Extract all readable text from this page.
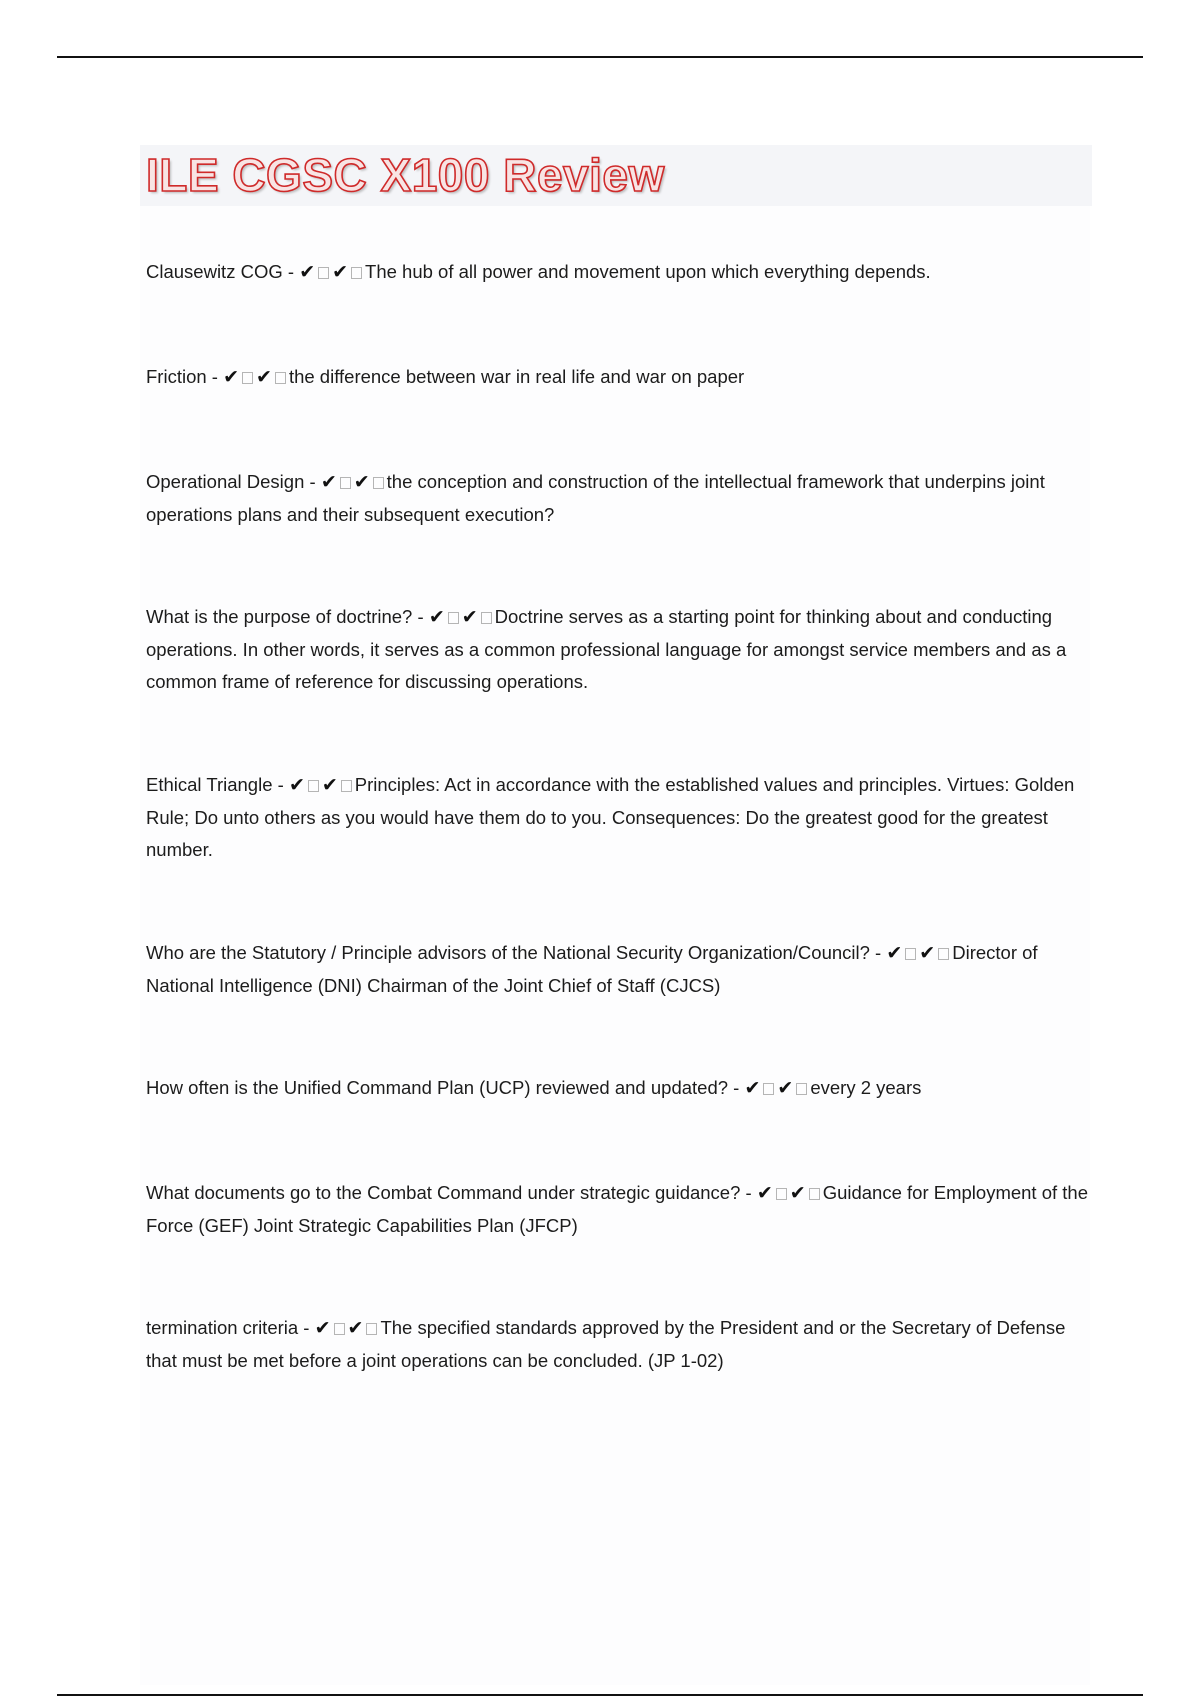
ILE CGSC X100 Review

Clausewitz COG - ✔ ✔ The hub of all power and movement upon which everything depends.

Friction - ✔ ✔ the difference between war in real life and war on paper

Operational Design - ✔ ✔ the conception and construction of the intellectual framework that underpins joint operations plans and their subsequent execution?

What is the purpose of doctrine? - ✔ ✔ Doctrine serves as a starting point for thinking about and conducting operations. In other words, it serves as a common professional language for amongst service members and as a common frame of reference for discussing operations.

Ethical Triangle - ✔ ✔ Principles: Act in accordance with the established values and principles. Virtues: Golden Rule; Do unto others as you would have them do to you. Consequences: Do the greatest good for the greatest number.

Who are the Statutory / Principle advisors of the National Security Organization/Council? - ✔ ✔ Director of National Intelligence (DNI) Chairman of the Joint Chief of Staff (CJCS)

How often is the Unified Command Plan (UCP) reviewed and updated? - ✔ ✔ every 2 years

What documents go to the Combat Command under strategic guidance? - ✔ ✔ Guidance for Employment of the Force (GEF) Joint Strategic Capabilities Plan (JFCP)

termination criteria - ✔ ✔ The specified standards approved by the President and or the Secretary of Defense that must be met before a joint operations can be concluded. (JP 1-02)
